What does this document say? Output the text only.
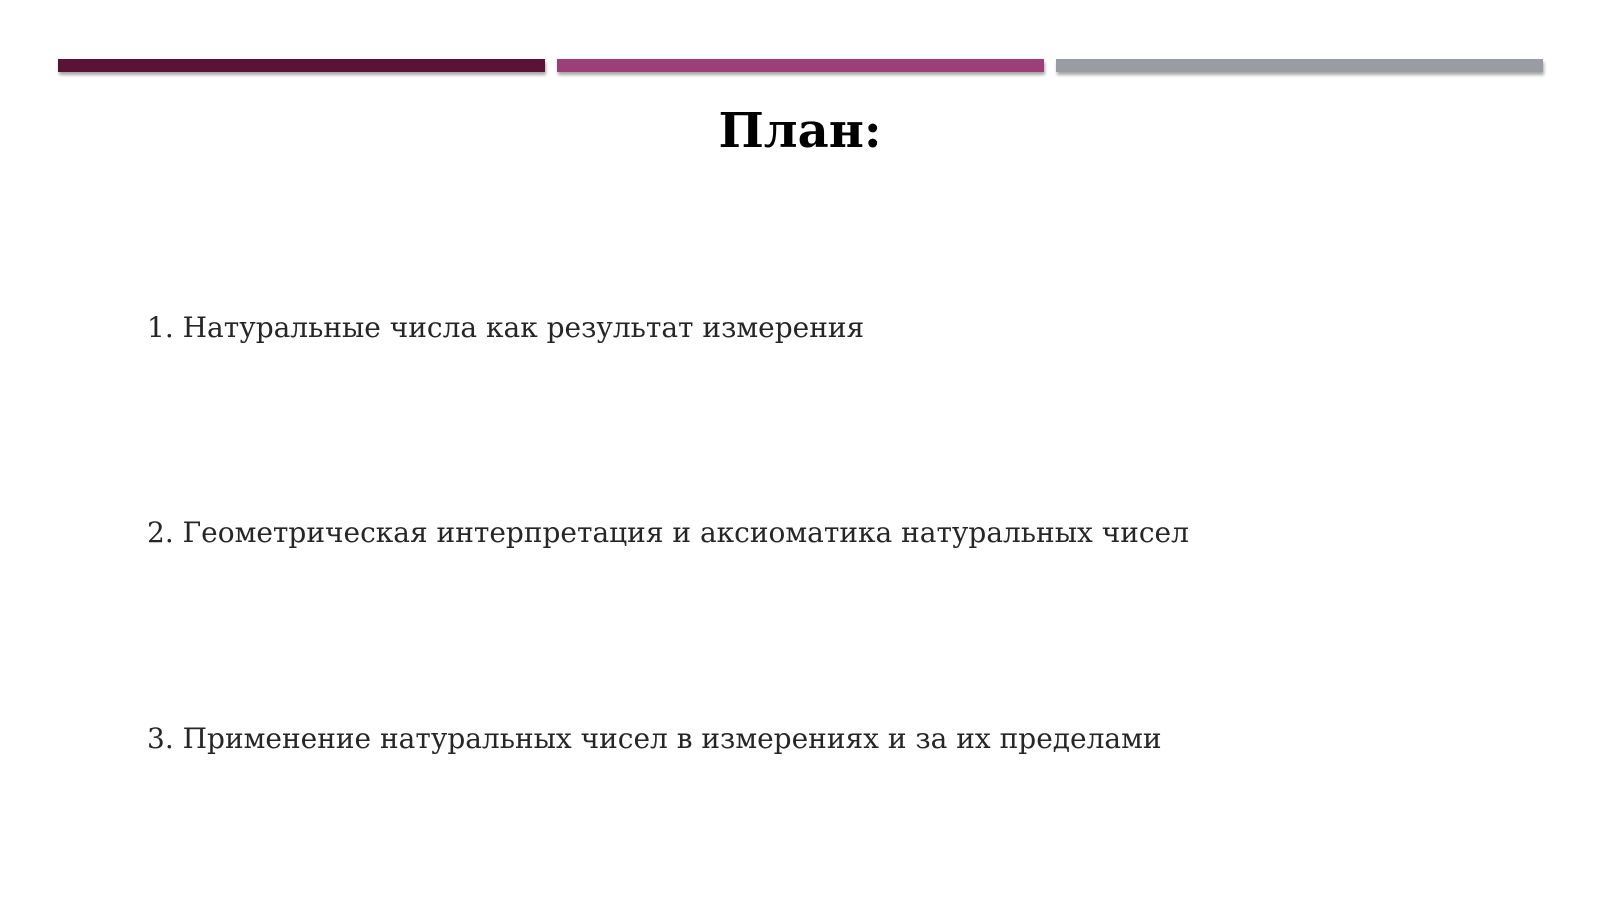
План:
1. Натуральные числа как результат измерения
2. Геометрическая интерпретация и аксиоматика натуральных чисел
3. Применение натуральных чисел в измерениях и за их пределами
